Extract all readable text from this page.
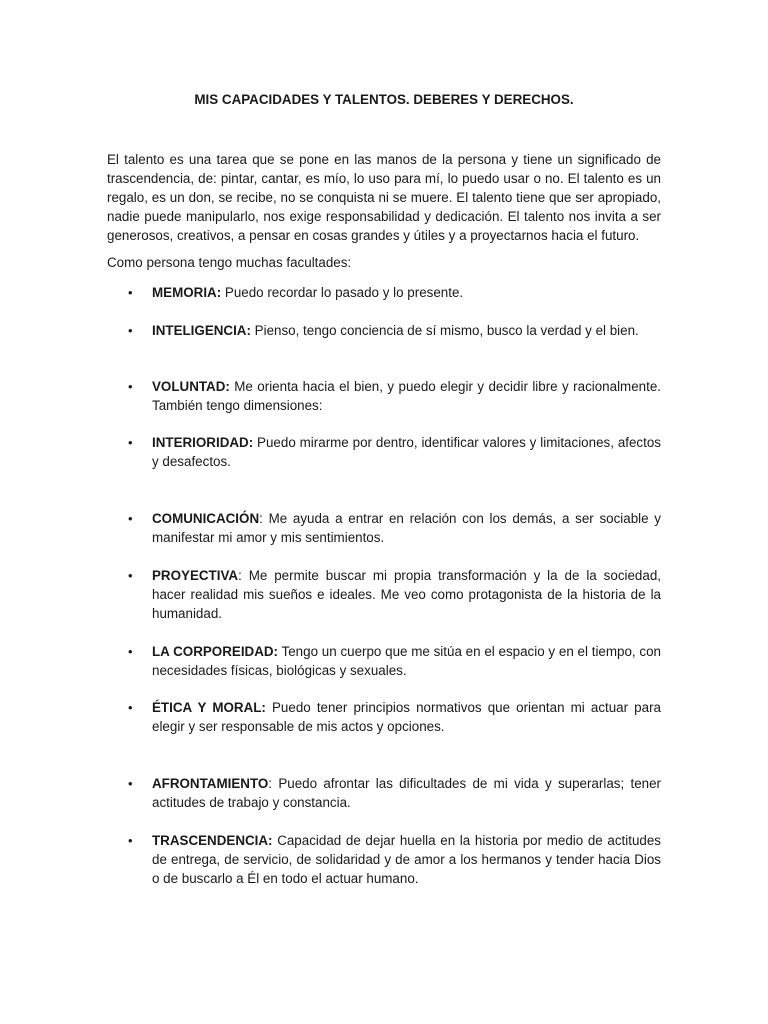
MIS CAPACIDADES Y TALENTOS. DEBERES Y DERECHOS.

El talento es una tarea que se pone en las manos de la persona y tiene un significado de trascendencia, de: pintar, cantar, es mío, lo uso para mí, lo puedo usar o no. El talento es un regalo, es un don, se recibe, no se conquista ni se muere. El talento tiene que ser apropiado, nadie puede manipularlo, nos exige responsabilidad y dedicación. El talento nos invita a ser generosos, creativos, a pensar en cosas grandes y útiles y a proyectarnos hacia el futuro.

Como persona tengo muchas facultades:

• MEMORIA: Puedo recordar lo pasado y lo presente.

• INTELIGENCIA: Pienso, tengo conciencia de sí mismo, busco la verdad y el bien.

• VOLUNTAD: Me orienta hacia el bien, y puedo elegir y decidir libre y racionalmente. También tengo dimensiones:

• INTERIORIDAD: Puedo mirarme por dentro, identificar valores y limitaciones, afectos y desafectos.

• COMUNICACIÓN: Me ayuda a entrar en relación con los demás, a ser sociable y manifestar mi amor y mis sentimientos.

• PROYECTIVA: Me permite buscar mi propia transformación y la de la sociedad, hacer realidad mis sueños e ideales. Me veo como protagonista de la historia de la humanidad.

• LA CORPOREIDAD: Tengo un cuerpo que me sitúa en el espacio y en el tiempo, con necesidades físicas, biológicas y sexuales.

• ÉTICA Y MORAL: Puedo tener principios normativos que orientan mi actuar para elegir y ser responsable de mis actos y opciones.

• AFRONTAMIENTO: Puedo afrontar las dificultades de mi vida y superarlas; tener actitudes de trabajo y constancia.

• TRASCENDENCIA: Capacidad de dejar huella en la historia por medio de actitudes de entrega, de servicio, de solidaridad y de amor a los hermanos y tender hacia Dios o de buscarlo a Él en todo el actuar humano.
